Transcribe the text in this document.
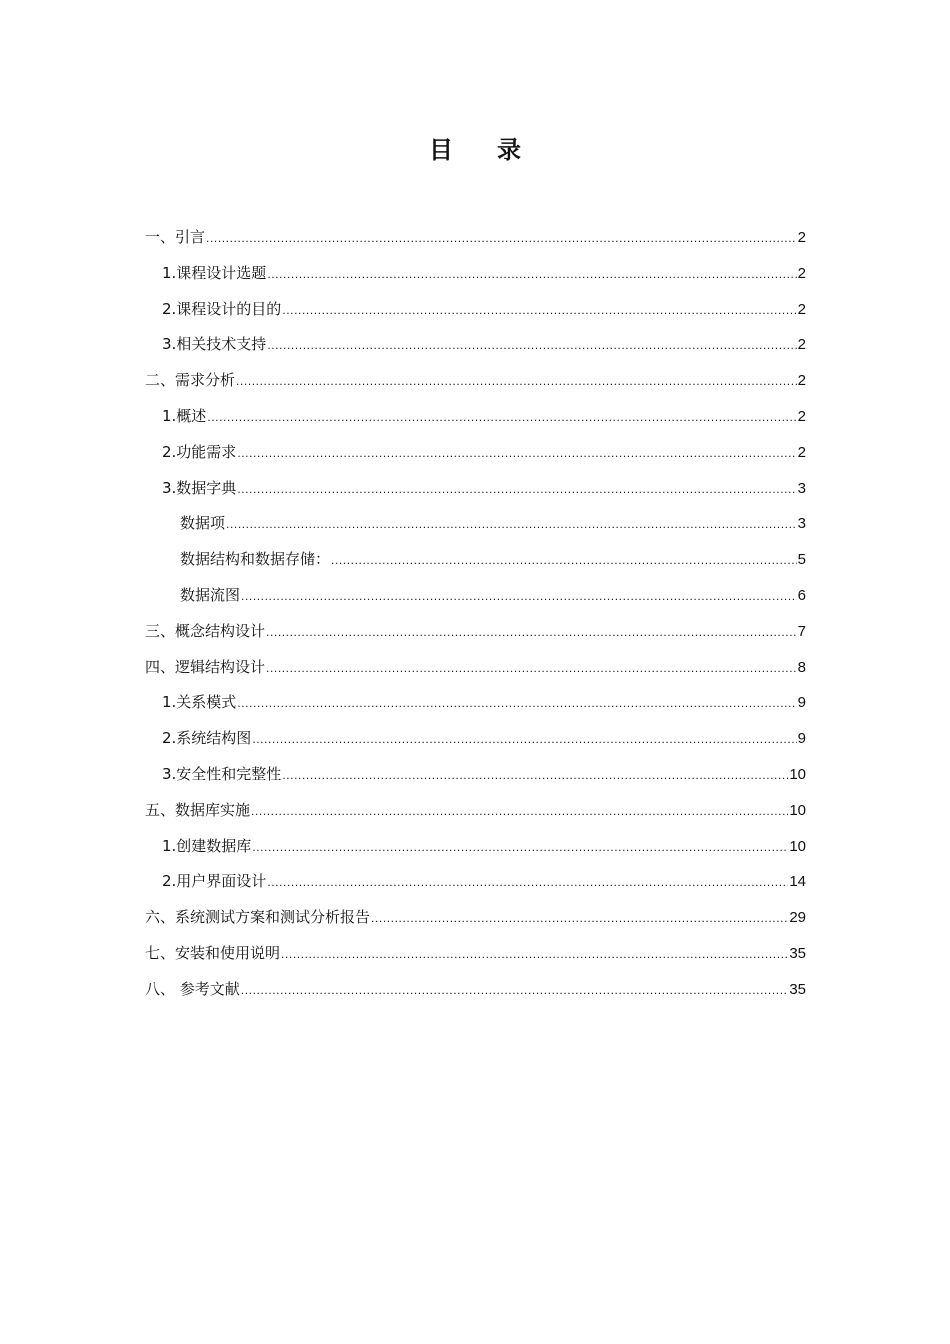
目录
一、引言 .....	2
1.课程设计选题 .....	2
2.课程设计的目的 .....	2
3.相关技术支持 .....	2
二、需求分析 .....	2
1.概述 .....	2
2.功能需求 .....	2
3.数据字典 .....	3
数据项 .....	3
数据结构和数据存储： .....	5
数据流图 .....	6
三、概念结构设计 .....	7
四、逻辑结构设计 .....	8
1.关系模式 .....	9
2.系统结构图 .....	9
3.安全性和完整性 .....	10
五、数据库实施 .....	10
1.创建数据库 .....	10
2.用户界面设计 .....	14
六、系统测试方案和测试分析报告 .....	29
七、安装和使用说明 .....	35
八、 参考文献 .....	35
